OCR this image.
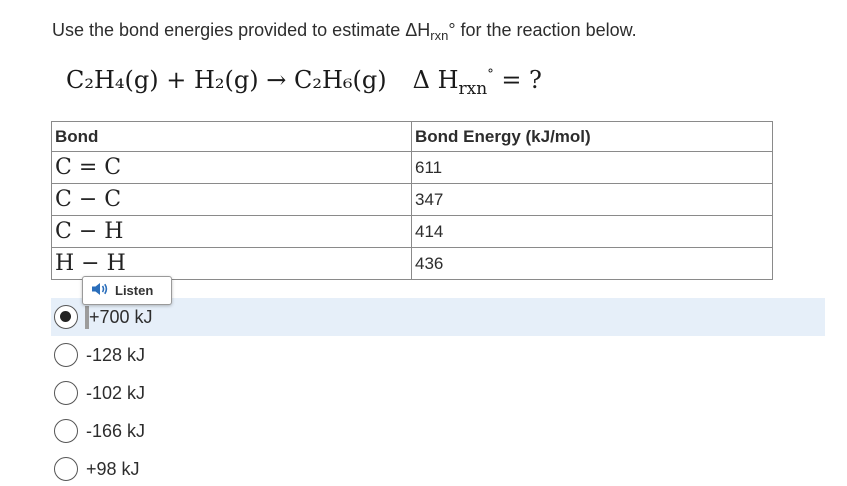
Use the bond energies provided to estimate $\Delta H_{rxn}^\circ$ for the reaction below.
C₂H₄(g) + H₂(g) → C₂H₆(g) Δ $H_{rxn}^\circ$ = ?
Bond	Bond Energy (kJ/mol)
C = C	611
C − C	347
C − H	414
H − H	436
Listen
+700 kJ
-128 kJ
-102 kJ
-166 kJ
+98 kJ
